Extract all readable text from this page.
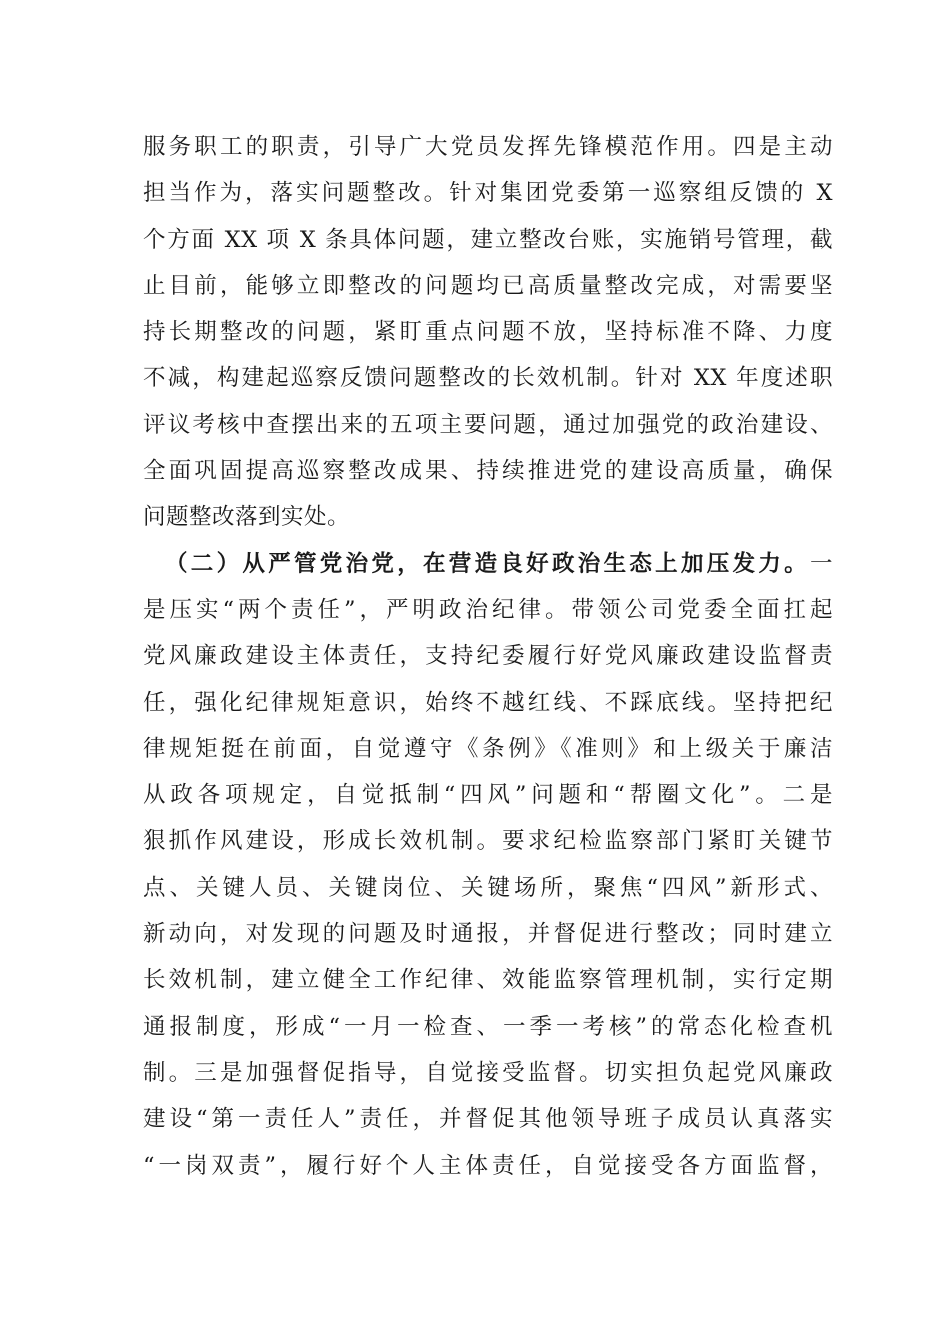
服务职工的职责，引导广大党员发挥先锋模范作用。四是主动
担当作为，落实问题整改。针对集团党委第一巡察组反馈的 X
个方面 XX 项 X 条具体问题，建立整改台账，实施销号管理，截
止目前，能够立即整改的问题均已高质量整改完成，对需要坚
持长期整改的问题，紧盯重点问题不放，坚持标准不降、力度
不减，构建起巡察反馈问题整改的长效机制。针对 XX 年度述职
评议考核中查摆出来的五项主要问题，通过加强党的政治建设、
全面巩固提高巡察整改成果、持续推进党的建设高质量，确保
问题整改落到实处。
（二）从严管党治党，在营造良好政治生态上加压发力。一
是压实“两个责任”，严明政治纪律。带领公司党委全面扛起
党风廉政建设主体责任，支持纪委履行好党风廉政建设监督责
任，强化纪律规矩意识，始终不越红线、不踩底线。坚持把纪
律规矩挺在前面，自觉遵守《条例》《准则》和上级关于廉洁
从政各项规定，自觉抵制“四风”问题和“帮圈文化”。二是
狠抓作风建设，形成长效机制。要求纪检监察部门紧盯关键节
点、关键人员、关键岗位、关键场所，聚焦“四风”新形式、
新动向，对发现的问题及时通报，并督促进行整改；同时建立
长效机制，建立健全工作纪律、效能监察管理机制，实行定期
通报制度，形成“一月一检查、一季一考核”的常态化检查机
制。三是加强督促指导，自觉接受监督。切实担负起党风廉政
建设“第一责任人”责任，并督促其他领导班子成员认真落实
“一岗双责”，履行好个人主体责任，自觉接受各方面监督，
